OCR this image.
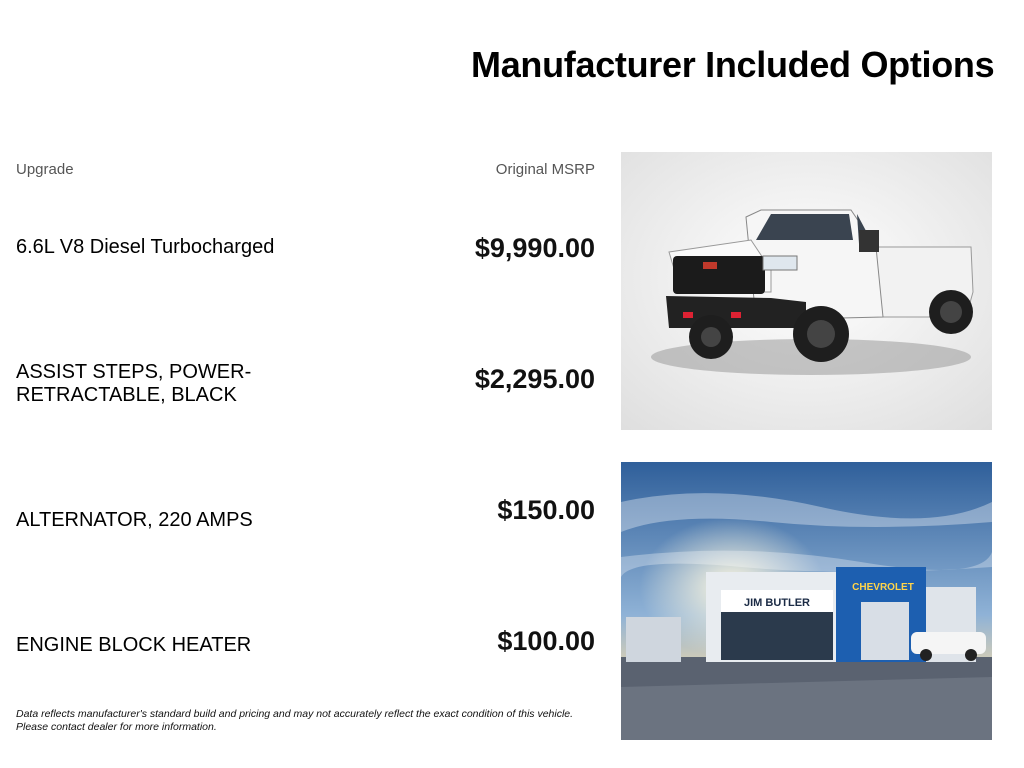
Manufacturer Included Options
Upgrade	Original MSRP
6.6L V8 Diesel Turbocharged	$9,990.00
ASSIST STEPS, POWER-
RETRACTABLE, BLACK
$2,295.00
ALTERNATOR, 220 AMPS	$150.00
ENGINE BLOCK HEATER	$100.00
Data reflects manufacturer's standard build and pricing and may not accurately reflect the exact condition of this vehicle.
Please contact dealer for more information.
JIM BUTLER
CHEVROLET
